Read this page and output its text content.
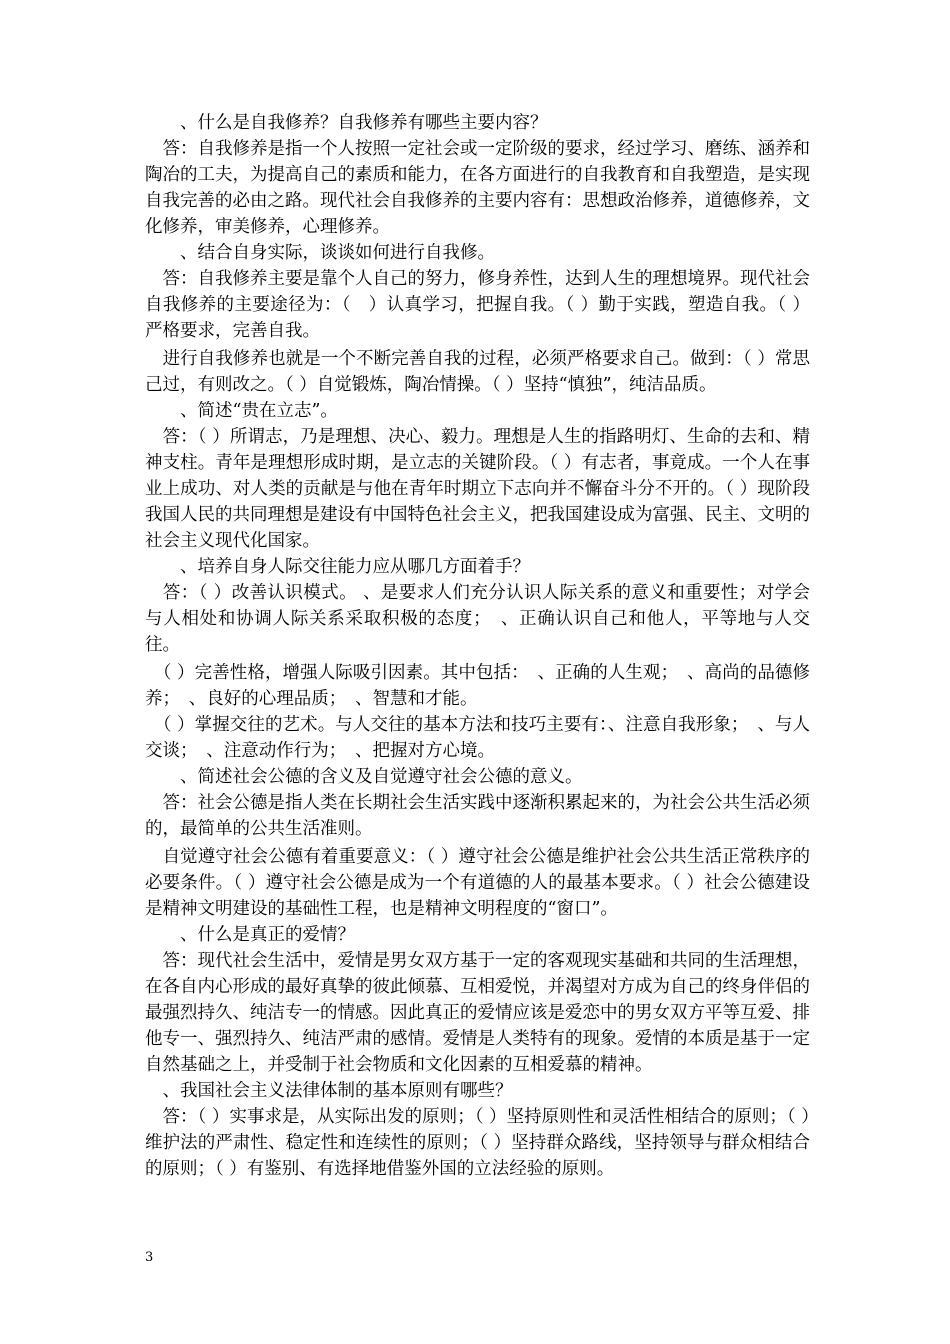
　　、什么是自我修养？自我修养有哪些主要内容？

　答：自我修养是指一个人按照一定社会或一定阶级的要求，经过学习、磨练、涵养和陶冶的工夫，为提高自己的素质和能力，在各方面进行的自我教育和自我塑造，是实现自我完善的必由之路。现代社会自我修养的主要内容有：思想政治修养，道德修养，文化修养，审美修养，心理修养。

　　、结合自身实际，谈谈如何进行自我修。

　答：自我修养主要是靠个人自己的努力，修身养性，达到人生的理想境界。现代社会自我修养的主要途径为：（　）认真学习，把握自我。（ ）勤于实践，塑造自我。（ ）严格要求，完善自我。

　进行自我修养也就是一个不断完善自我的过程，必须严格要求自己。做到：（ ）常思己过，有则改之。（ ）自觉锻炼，陶冶情操。（ ）坚持“慎独”，纯洁品质。

　　、简述“贵在立志”。

　答：（ ）所谓志，乃是理想、决心、毅力。理想是人生的指路明灯、生命的去和、精神支柱。青年是理想形成时期，是立志的关键阶段。（ ）有志者，事竟成。一个人在事业上成功、对人类的贡献是与他在青年时期立下志向并不懈奋斗分不开的。（ ）现阶段我国人民的共同理想是建设有中国特色社会主义，把我国建设成为富强、民主、文明的社会主义现代化国家。

　　、培养自身人际交往能力应从哪几方面着手？

　答：（ ）改善认识模式。 、是要求人们充分认识人际关系的意义和重要性；对学会与人相处和协调人际关系采取积极的态度；　、正确认识自己和他人，平等地与人交往。

　（ ）完善性格，增强人际吸引因素。其中包括：　、正确的人生观；　、高尚的品德修养；　、良好的心理品质；　、智慧和才能。

　（ ）掌握交往的艺术。与人交往的基本方法和技巧主要有：、注意自我形象；　、与人交谈；　、注意动作行为；　、把握对方心境。

　　、简述社会公德的含义及自觉遵守社会公德的意义。

　答：社会公德是指人类在长期社会生活实践中逐渐积累起来的，为社会公共生活必须的，最简单的公共生活准则。

　自觉遵守社会公德有着重要意义：（ ）遵守社会公德是维护社会公共生活正常秩序的必要条件。（ ）遵守社会公德是成为一个有道德的人的最基本要求。（ ）社会公德建设是精神文明建设的基础性工程，也是精神文明程度的“窗口”。

　　、什么是真正的爱情？

　答：现代社会生活中，爱情是男女双方基于一定的客观现实基础和共同的生活理想，在各自内心形成的最好真挚的彼此倾慕、互相爱悦，并渴望对方成为自己的终身伴侣的最强烈持久、纯洁专一的情感。因此真正的爱情应该是爱恋中的男女双方平等互爱、排他专一、强烈持久、纯洁严肃的感情。爱情是人类特有的现象。爱情的本质是基于一定自然基础之上，并受制于社会物质和文化因素的互相爱慕的精神。

　、我国社会主义法律体制的基本原则有哪些？

　答：（ ）实事求是，从实际出发的原则；（ ）坚持原则性和灵活性相结合的原则；（ ）维护法的严肃性、稳定性和连续性的原则；（ ）坚持群众路线，坚持领导与群众相结合的原则；（ ）有鉴别、有选择地借鉴外国的立法经验的原则。

3
